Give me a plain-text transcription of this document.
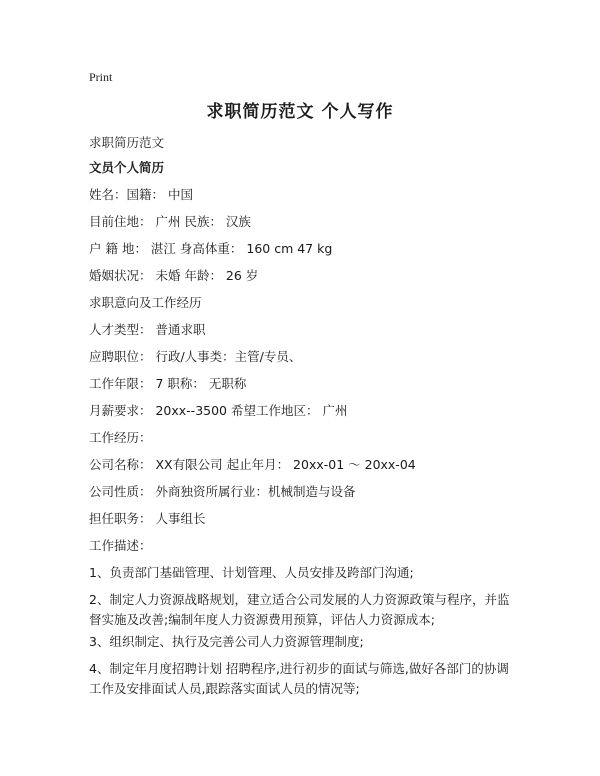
Print
求职简历范文 个人写作
求职简历范文
文员个人简历
姓名：国籍： 中国
目前住地： 广州 民族： 汉族
户 籍 地： 湛江 身高体重： 160 cm 47 kg
婚姻状况： 未婚 年龄： 26 岁
求职意向及工作经历
人才类型： 普通求职
应聘职位： 行政/人事类：主管/专员、
工作年限： 7 职称： 无职称
月薪要求： 20xx--3500 希望工作地区： 广州
工作经历：
公司名称： XX有限公司 起止年月： 20xx-01 ～ 20xx-04
公司性质： 外商独资所属行业：机械制造与设备
担任职务： 人事组长
工作描述：
1、负责部门基础管理、计划管理、人员安排及跨部门沟通;
2、制定人力资源战略规划，建立适合公司发展的人力资源政策与程序，并监督实施及改善;编制年度人力资源费用预算，评估人力资源成本;
3、组织制定、执行及完善公司人力资源管理制度;
4、制定年月度招聘计划 招聘程序,进行初步的面试与筛选,做好各部门的协调工作及安排面试人员,跟踪落实面试人员的情况等;
